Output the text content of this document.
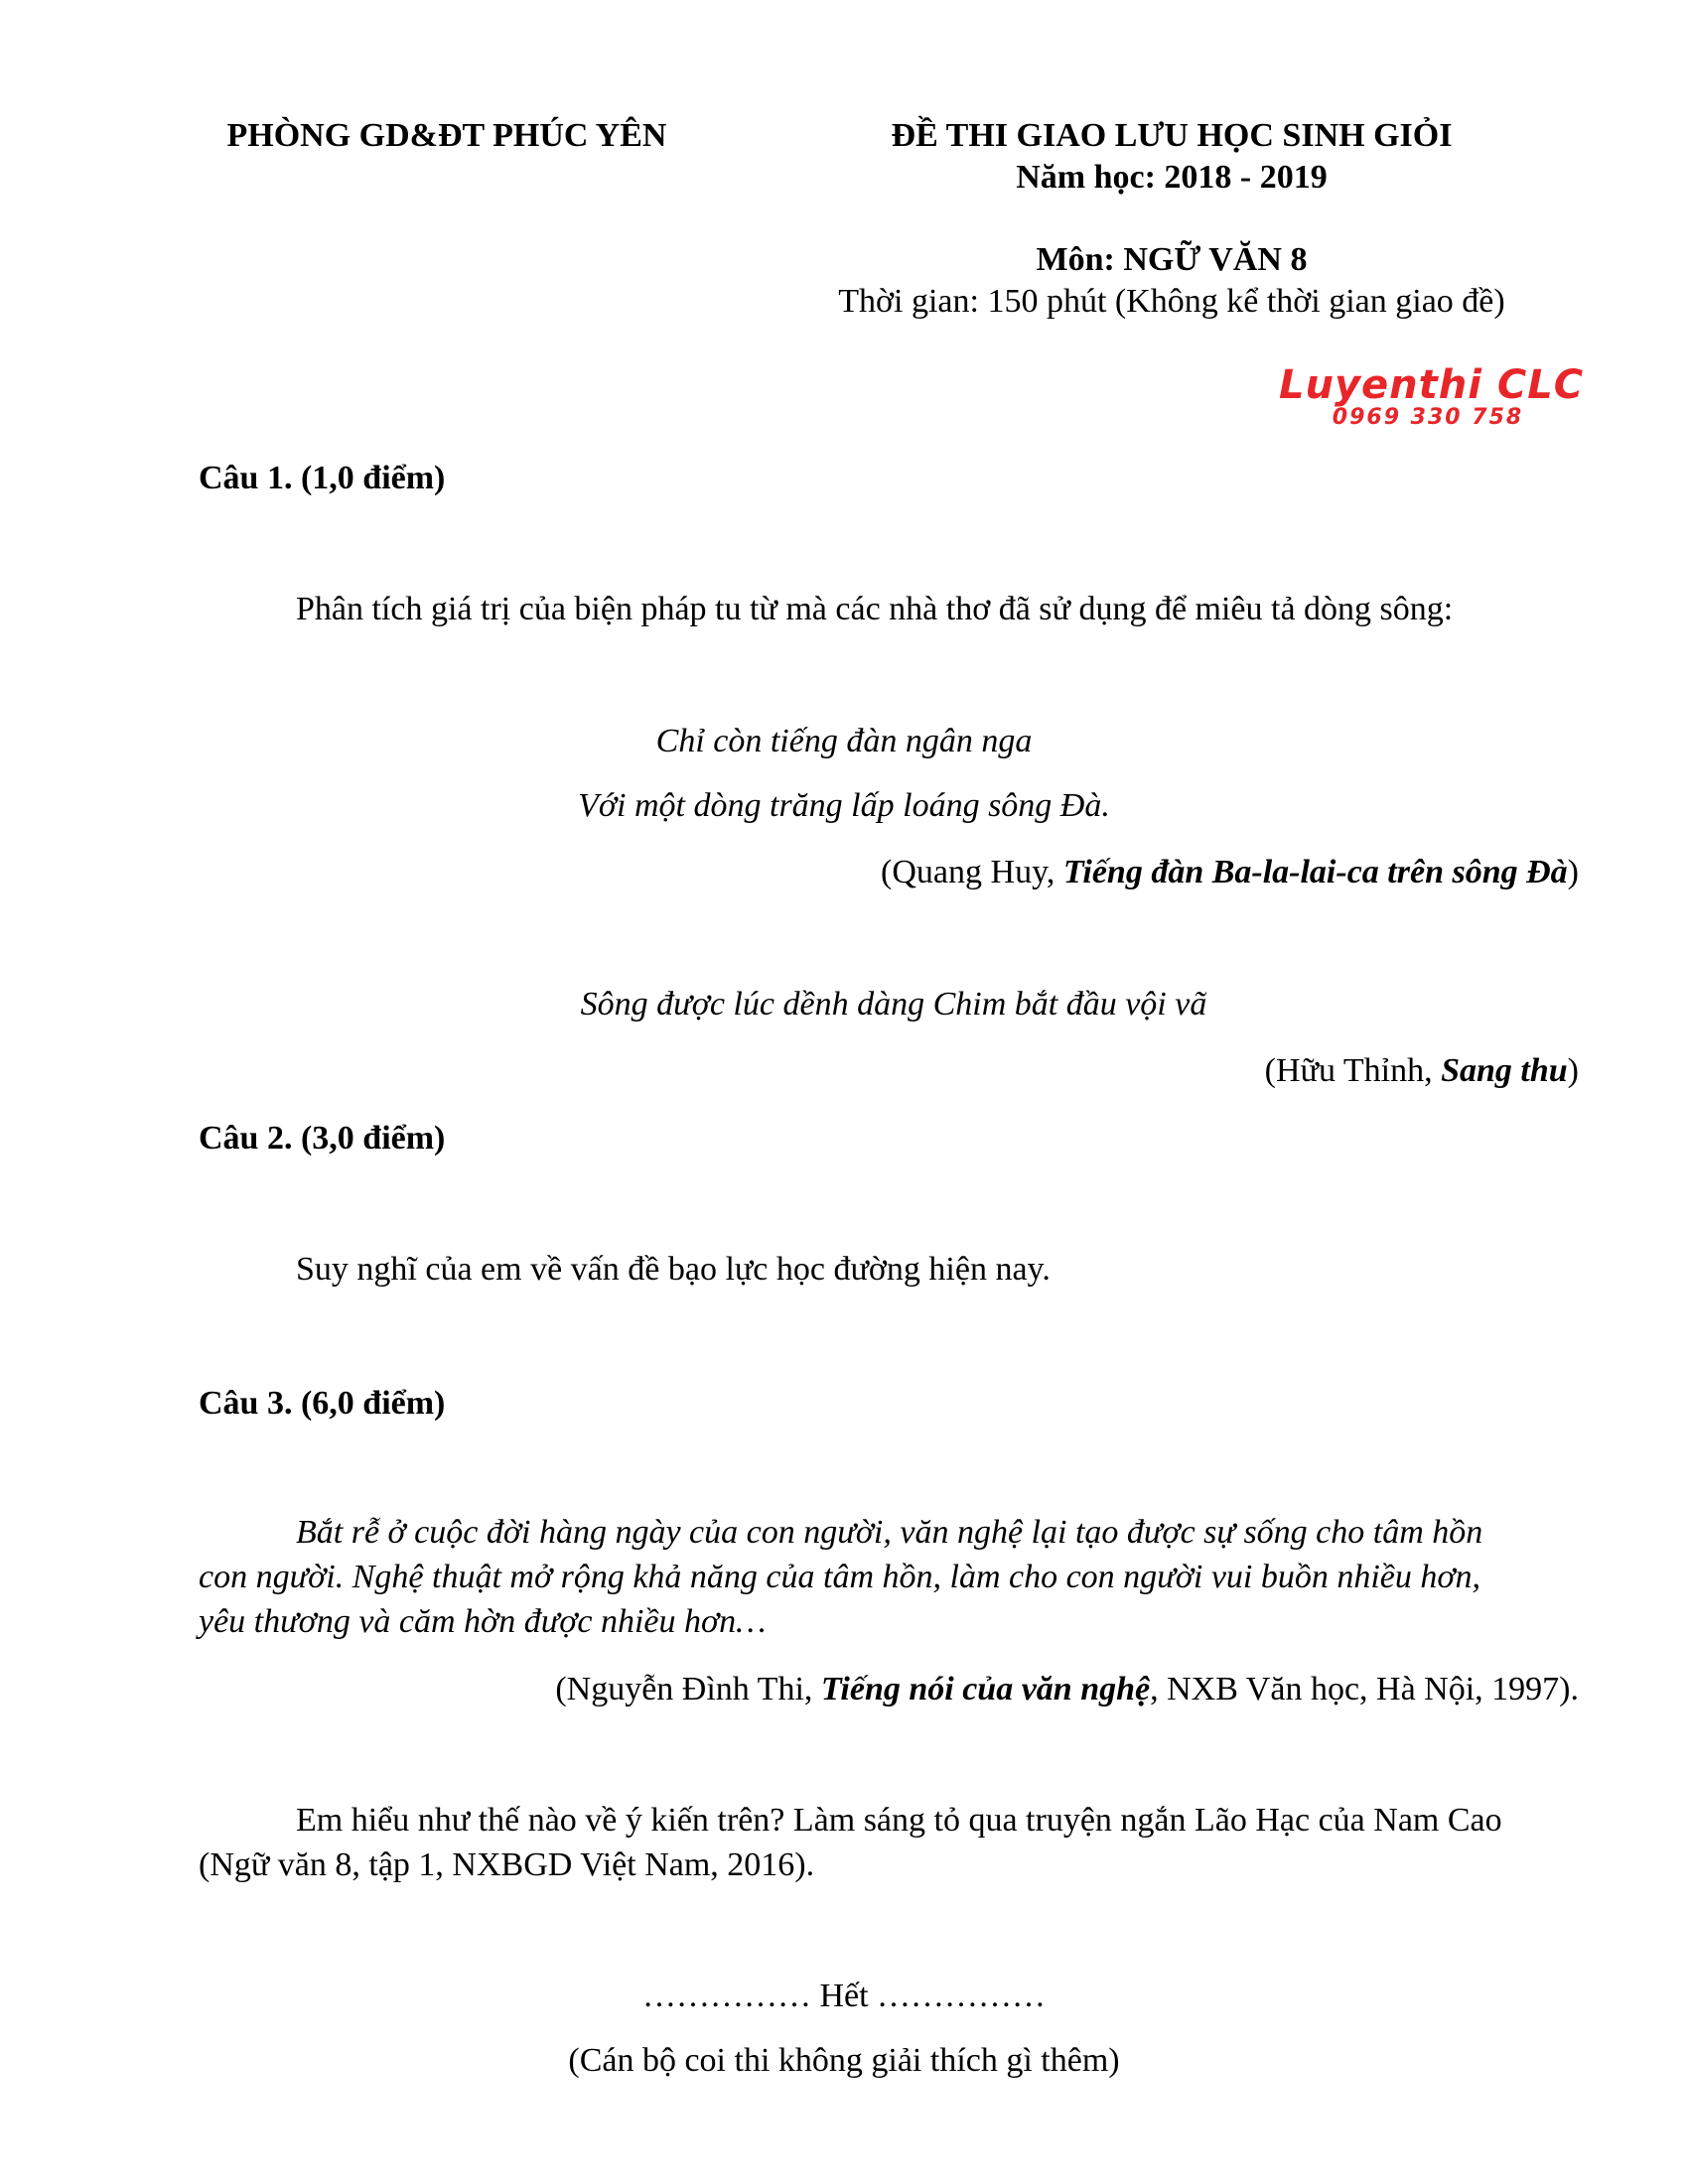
PHÒNG GD&ĐT PHÚC YÊN	ĐỀ THI GIAO LƯU HỌC SINH GIỎI
Năm học: 2018 - 2019
Môn: NGỮ VĂN 8
Thời gian: 150 phút (Không kể thời gian giao đề)
Luyenthi CLC
0969 330 758
Câu 1. (1,0 điểm)
Phân tích giá trị của biện pháp tu từ mà các nhà thơ đã sử dụng để miêu tả dòng sông:
Chỉ còn tiếng đàn ngân nga
Với một dòng trăng lấp loáng sông Đà.
(Quang Huy, Tiếng đàn Ba-la-lai-ca trên sông Đà)
Sông được lúc dềnh dàng Chim bắt đầu vội vã
(Hữu Thỉnh, Sang thu)
Câu 2. (3,0 điểm)
Suy nghĩ của em về vấn đề bạo lực học đường hiện nay.
Câu 3. (6,0 điểm)
Bắt rễ ở cuộc đời hàng ngày của con người, văn nghệ lại tạo được sự sống cho tâm hồn
con người. Nghệ thuật mở rộng khả năng của tâm hồn, làm cho con người vui buồn nhiều hơn,
yêu thương và căm hờn được nhiều hơn…
(Nguyễn Đình Thi, Tiếng nói của văn nghệ, NXB Văn học, Hà Nội, 1997).
Em hiểu như thế nào về ý kiến trên? Làm sáng tỏ qua truyện ngắn Lão Hạc của Nam Cao
(Ngữ văn 8, tập 1, NXBGD Việt Nam, 2016).
…………… Hết ……………
(Cán bộ coi thi không giải thích gì thêm)
